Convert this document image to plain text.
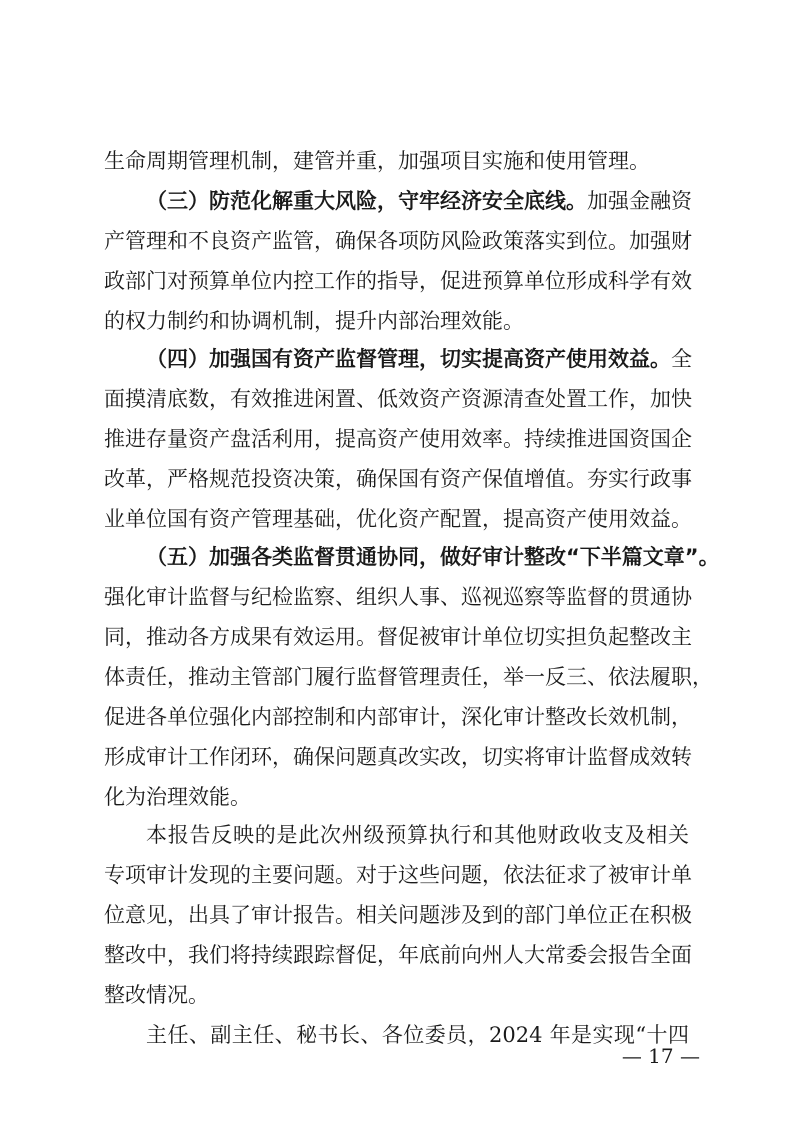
生命周期管理机制，建管并重，加强项目实施和使用管理。
（三）防范化解重大风险，守牢经济安全底线。加强金融资
产管理和不良资产监管，确保各项防风险政策落实到位。加强财
政部门对预算单位内控工作的指导，促进预算单位形成科学有效
的权力制约和协调机制，提升内部治理效能。
（四）加强国有资产监督管理，切实提高资产使用效益。全
面摸清底数，有效推进闲置、低效资产资源清查处置工作，加快
推进存量资产盘活利用，提高资产使用效率。持续推进国资国企
改革，严格规范投资决策，确保国有资产保值增值。夯实行政事
业单位国有资产管理基础，优化资产配置，提高资产使用效益。
（五）加强各类监督贯通协同，做好审计整改“下半篇文章”。
强化审计监督与纪检监察、组织人事、巡视巡察等监督的贯通协
同，推动各方成果有效运用。督促被审计单位切实担负起整改主
体责任，推动主管部门履行监督管理责任，举一反三、依法履职，
促进各单位强化内部控制和内部审计，深化审计整改长效机制，
形成审计工作闭环，确保问题真改实改，切实将审计监督成效转
化为治理效能。
本报告反映的是此次州级预算执行和其他财政收支及相关
专项审计发现的主要问题。对于这些问题，依法征求了被审计单
位意见，出具了审计报告。相关问题涉及到的部门单位正在积极
整改中，我们将持续跟踪督促，年底前向州人大常委会报告全面
整改情况。
主任、副主任、秘书长、各位委员，2024 年是实现“十四
— 17 —
